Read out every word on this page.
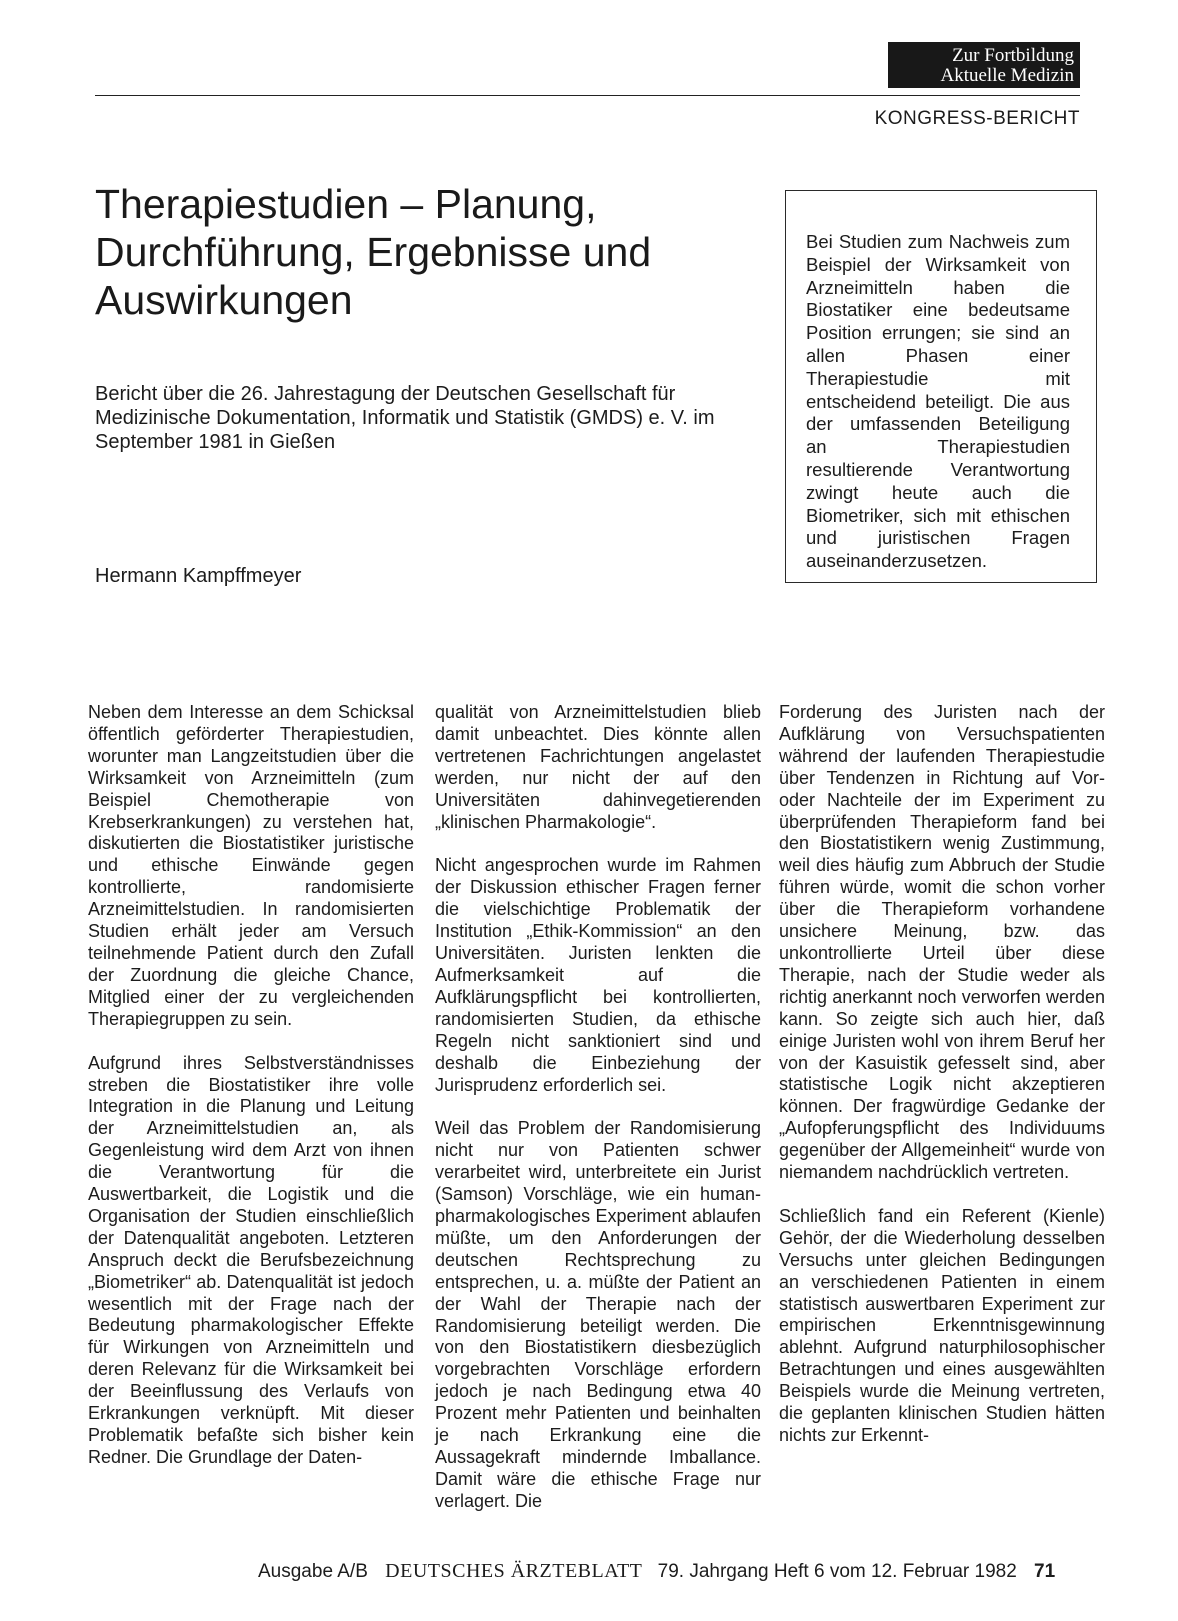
Zur Fortbildung
Aktuelle Medizin
KONGRESS-BERICHT
Therapiestudien – Planung, Durchführung, Ergebnisse und Auswirkungen

Bericht über die 26. Jahrestagung der Deutschen Gesellschaft für Medizinische Dokumentation, Informatik und Statistik (GMDS) e. V. im September 1981 in Gießen

Hermann Kampffmeyer

Bei Studien zum Nachweis zum Beispiel der Wirksamkeit von Arzneimitteln haben die Biostatiker eine bedeutsame Position errungen; sie sind an allen Phasen einer Therapiestudie mit entscheidend beteiligt. Die aus der umfassenden Beteiligung an Therapiestudien resultierende Verantwortung zwingt heute auch die Biometriker, sich mit ethischen und juristischen Fragen auseinanderzusetzen.

Neben dem Interesse an dem Schicksal öffentlich geförderter Therapiestudien, worunter man Langzeitstudien über die Wirksamkeit von Arzneimitteln (zum Beispiel Chemotherapie von Krebserkrankungen) zu verstehen hat, diskutierten die Biostatistiker juristische und ethische Einwände gegen kontrollierte, randomisierte Arzneimittelstudien. In randomisierten Studien erhält jeder am Versuch teilnehmende Patient durch den Zufall der Zuordnung die gleiche Chance, Mitglied einer der zu vergleichenden Therapiegruppen zu sein.

Aufgrund ihres Selbstverständnisses streben die Biostatistiker ihre volle Integration in die Planung und Leitung der Arzneimittelstudien an, als Gegenleistung wird dem Arzt von ihnen die Verantwortung für die Auswertbarkeit, die Logistik und die Organisation der Studien einschließlich der Datenqualität angeboten. Letzteren Anspruch deckt die Berufsbezeichnung „Biometriker“ ab. Datenqualität ist jedoch wesentlich mit der Frage nach der Bedeutung pharmakologischer Effekte für Wirkungen von Arzneimitteln und deren Relevanz für die Wirksamkeit bei der Beeinflussung des Verlaufs von Erkrankungen verknüpft. Mit dieser Problematik befaßte sich bisher kein Redner. Die Grundlage der Daten-

qualität von Arzneimittelstudien blieb damit unbeachtet. Dies könnte allen vertretenen Fachrichtungen angelastet werden, nur nicht der auf den Universitäten dahinvegetierenden „klinischen Pharmakologie“.

Nicht angesprochen wurde im Rahmen der Diskussion ethischer Fragen ferner die vielschichtige Problematik der Institution „Ethik-Kommission“ an den Universitäten. Juristen lenkten die Aufmerksamkeit auf die Aufklärungspflicht bei kontrollierten, randomisierten Studien, da ethische Regeln nicht sanktioniert sind und deshalb die Einbeziehung der Jurisprudenz erforderlich sei.

Weil das Problem der Randomisierung nicht nur von Patienten schwer verarbeitet wird, unterbreitete ein Jurist (Samson) Vorschläge, wie ein human-pharmakologisches Experiment ablaufen müßte, um den Anforderungen der deutschen Rechtsprechung zu entsprechen, u. a. müßte der Patient an der Wahl der Therapie nach der Randomisierung beteiligt werden. Die von den Biostatistikern diesbezüglich vorgebrachten Vorschläge erfordern jedoch je nach Bedingung etwa 40 Prozent mehr Patienten und beinhalten je nach Erkrankung eine die Aussagekraft mindernde Imballance. Damit wäre die ethische Frage nur verlagert. Die

Forderung des Juristen nach der Aufklärung von Versuchspatienten während der laufenden Therapiestudie über Tendenzen in Richtung auf Vor- oder Nachteile der im Experiment zu überprüfenden Therapieform fand bei den Biostatistikern wenig Zustimmung, weil dies häufig zum Abbruch der Studie führen würde, womit die schon vorher über die Therapieform vorhandene unsichere Meinung, bzw. das unkontrollierte Urteil über diese Therapie, nach der Studie weder als richtig anerkannt noch verworfen werden kann. So zeigte sich auch hier, daß einige Juristen wohl von ihrem Beruf her von der Kasuistik gefesselt sind, aber statistische Logik nicht akzeptieren können. Der fragwürdige Gedanke der „Aufopferungspflicht des Individuums gegenüber der Allgemeinheit“ wurde von niemandem nachdrücklich vertreten.

Schließlich fand ein Referent (Kienle) Gehör, der die Wiederholung desselben Versuchs unter gleichen Bedingungen an verschiedenen Patienten in einem statistisch auswertbaren Experiment zur empirischen Erkenntnisgewinnung ablehnt. Aufgrund naturphilosophischer Betrachtungen und eines ausgewählten Beispiels wurde die Meinung vertreten, die geplanten klinischen Studien hätten nichts zur Erkennt-

Ausgabe A/B DEUTSCHES ÄRZTEBLATT 79. Jahrgang Heft 6 vom 12. Februar 1982 71
